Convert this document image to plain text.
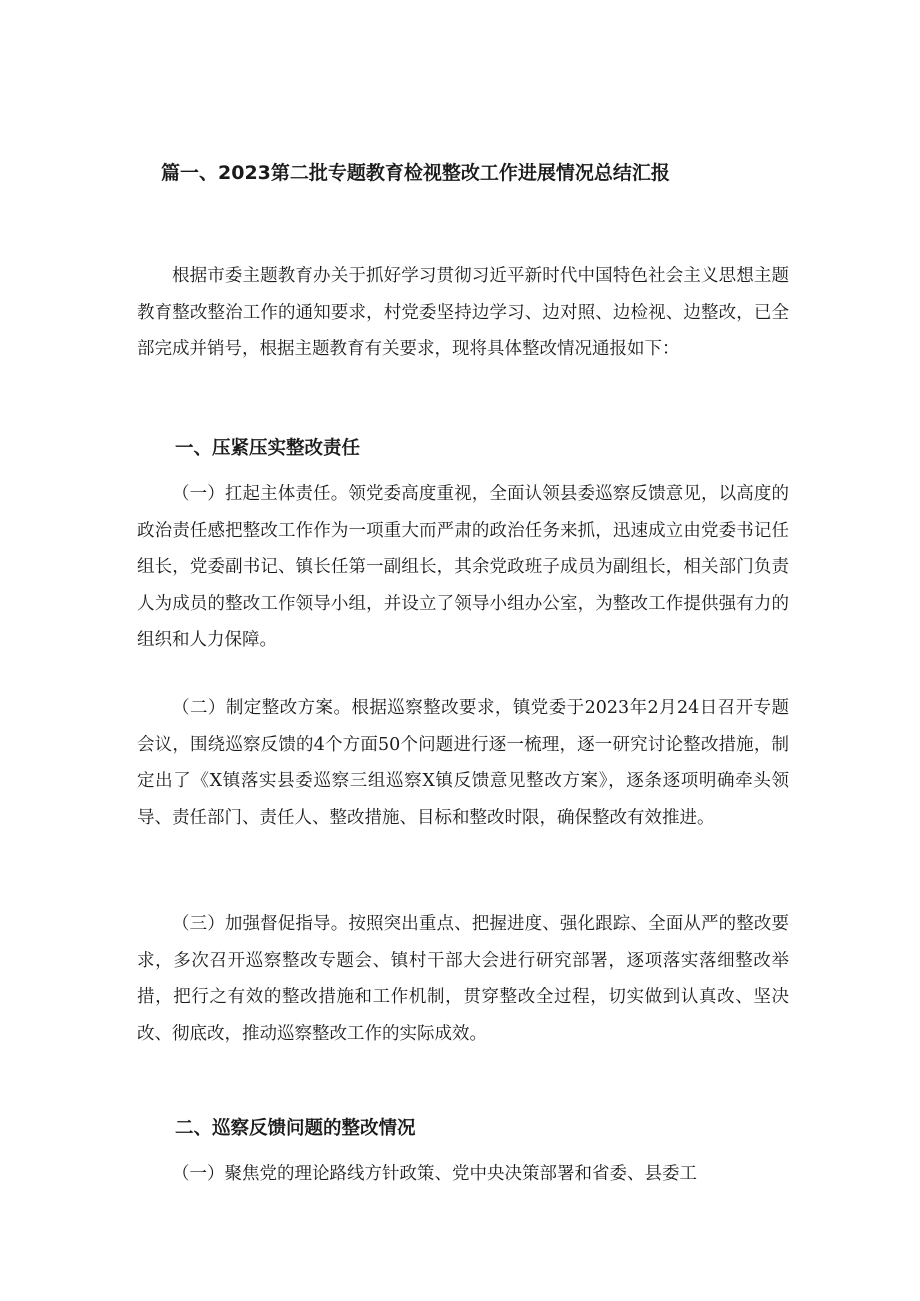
篇一、2023第二批专题教育检视整改工作进展情况总结汇报

根据市委主题教育办关于抓好学习贯彻习近平新时代中国特色社会主义思想主题教育整改整治工作的通知要求，村党委坚持边学习、边对照、边检视、边整改，已全部完成并销号，根据主题教育有关要求，现将具体整改情况通报如下：

一、压紧压实整改责任

（一）扛起主体责任。领党委高度重视，全面认领县委巡察反馈意见，以高度的政治责任感把整改工作作为一项重大而严肃的政治任务来抓，迅速成立由党委书记任组长，党委副书记、镇长任第一副组长，其余党政班子成员为副组长，相关部门负责人为成员的整改工作领导小组，并设立了领导小组办公室，为整改工作提供强有力的组织和人力保障。

（二）制定整改方案。根据巡察整改要求，镇党委于2023年2月24日召开专题会议，围绕巡察反馈的4个方面50个问题进行逐一梳理，逐一研究讨论整改措施，制定出了《X镇落实县委巡察三组巡察X镇反馈意见整改方案》，逐条逐项明确牵头领导、责任部门、责任人、整改措施、目标和整改时限，确保整改有效推进。

（三）加强督促指导。按照突出重点、把握进度、强化跟踪、全面从严的整改要求，多次召开巡察整改专题会、镇村干部大会进行研究部署，逐项落实落细整改举措，把行之有效的整改措施和工作机制，贯穿整改全过程，切实做到认真改、坚决改、彻底改，推动巡察整改工作的实际成效。

二、巡察反馈问题的整改情况

（一）聚焦党的理论路线方针政策、党中央决策部署和省委、县委工
